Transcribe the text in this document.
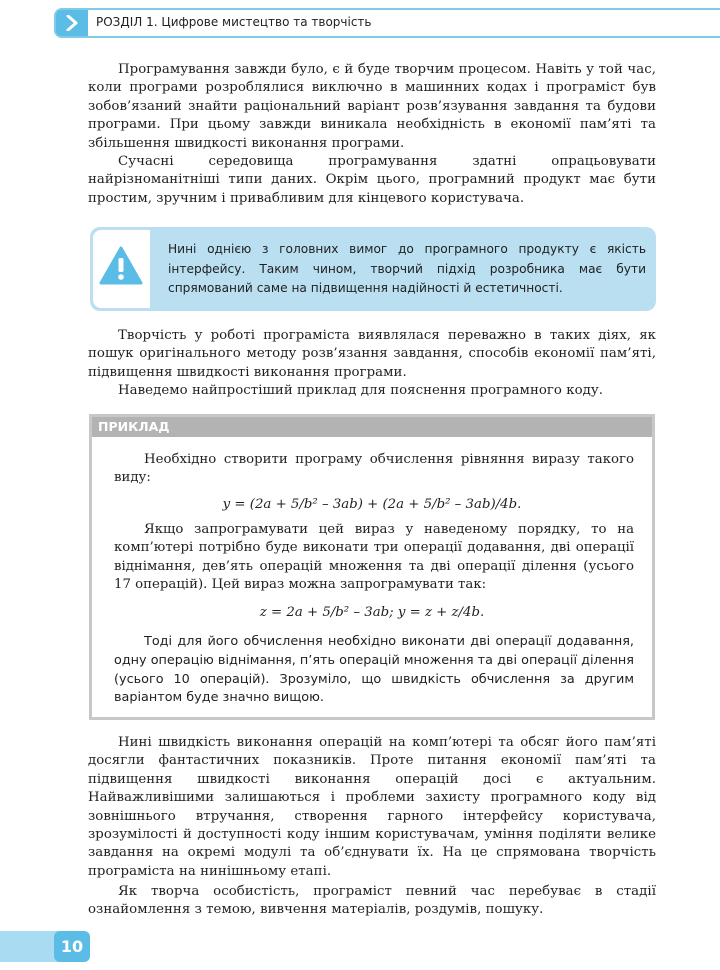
РОЗДІЛ 1. Цифрове мистецтво та творчість

Програмування завжди було, є й буде творчим процесом. Навіть у той час, коли програми розроблялися виключно в машинних кодах і програміст був зобов’язаний знайти раціональний варіант розв’язування завдання та будови програми. При цьому завжди виникала необхідність в економії пам’яті та збільшення швидкості виконання програми.

Сучасні середовища програмування здатні опрацьовувати найрізноманітніші типи даних. Окрім цього, програмний продукт має бути простим, зручним і привабливим для кінцевого користувача.

Нині однією з головних вимог до програмного продукту є якість інтерфейсу. Таким чином, творчий підхід розробника має бути спрямований саме на підвищення надійності й естетичності.

Творчість у роботі програміста виявлялася переважно в таких діях, як пошук оригінального методу розв’язання завдання, способів економії пам’яті, підвищення швидкості виконання програми.

Наведемо найпростіший приклад для пояснення програмного коду.

ПРИКЛАД

Необхідно створити програму обчислення рівняння виразу такого виду:

y = (2a + 5/b² – 3ab) + (2a + 5/b² – 3ab)/4b.

Якщо запрограмувати цей вираз у наведеному порядку, то на комп’ютері потрібно буде виконати три операції додавання, дві операції віднімання, дев’ять операцій множення та дві операції ділення (усього 17 операцій). Цей вираз можна запрограмувати так:

z = 2a + 5/b² – 3ab; y = z + z/4b.

Тоді для його обчислення необхідно виконати дві операції додавання, одну операцію віднімання, п’ять операцій множення та дві операції ділення (усього 10 операцій). Зрозуміло, що швидкість обчислення за другим варіантом буде значно вищою.

Нині швидкість виконання операцій на комп’ютері та обсяг його пам’яті досягли фантастичних показників. Проте питання економії пам’яті та підвищення швидкості виконання операцій досі є актуальним. Найважливішими залишаються і проблеми захисту програмного коду від зовнішнього втручання, створення гарного інтерфейсу користувача, зрозумілості й доступності коду іншим користувачам, уміння поділяти велике завдання на окремі модулі та об’єднувати їх. На це спрямована творчість програміста на нинішньому етапі.

Як творча особистість, програміст певний час перебуває в стадії ознайомлення з темою, вивчення матеріалів, роздумів, пошуку.

10
